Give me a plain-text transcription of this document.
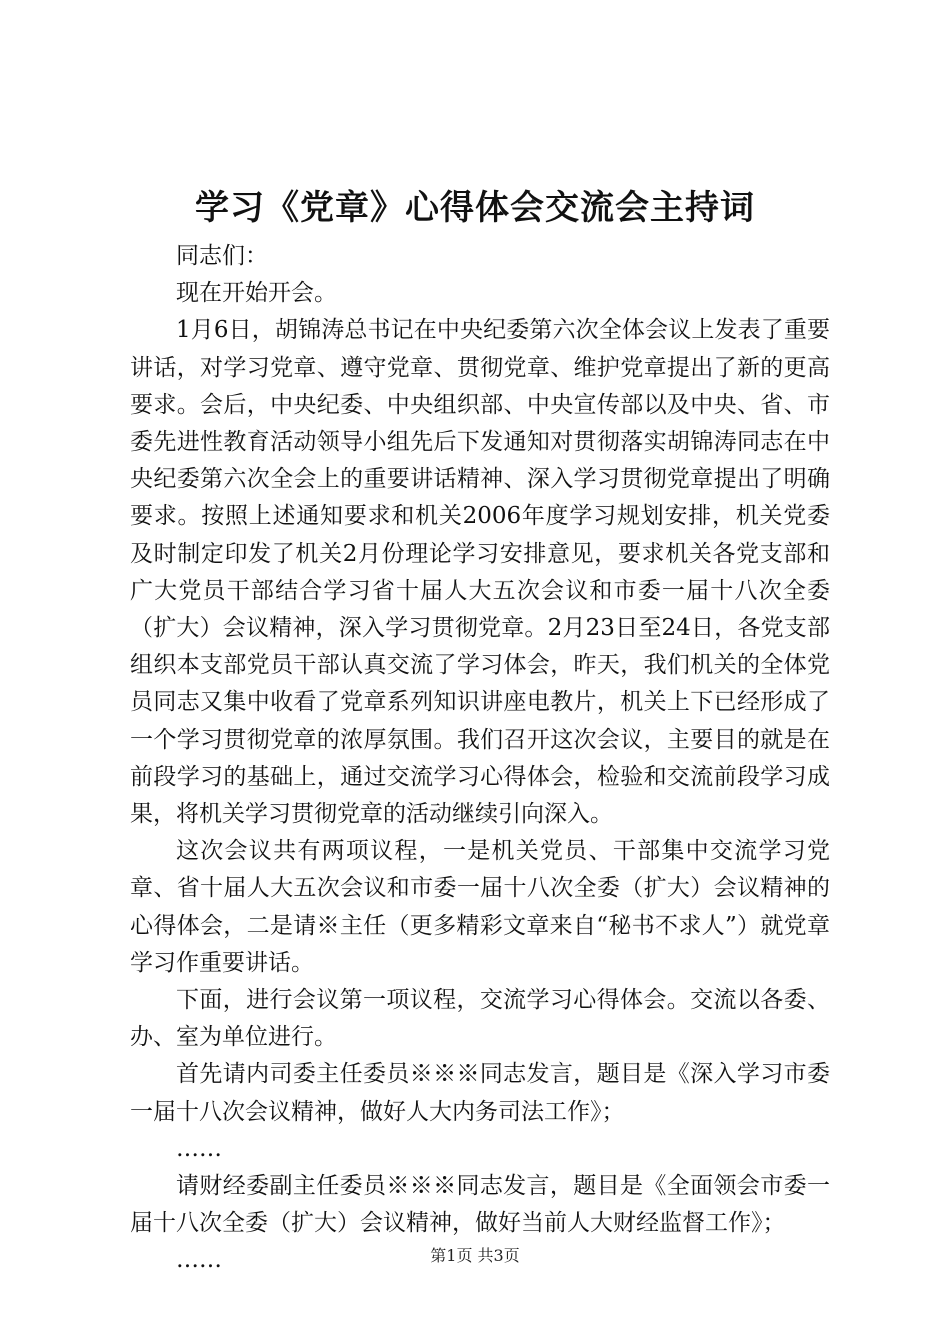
学习《党章》心得体会交流会主持词

同志们：

现在开始开会。

1月6日，胡锦涛总书记在中央纪委第六次全体会议上发表了重要讲话，对学习党章、遵守党章、贯彻党章、维护党章提出了新的更高要求。会后，中央纪委、中央组织部、中央宣传部以及中央、省、市委先进性教育活动领导小组先后下发通知对贯彻落实胡锦涛同志在中央纪委第六次全会上的重要讲话精神、深入学习贯彻党章提出了明确要求。按照上述通知要求和机关2006年度学习规划安排，机关党委及时制定印发了机关2月份理论学习安排意见，要求机关各党支部和广大党员干部结合学习省十届人大五次会议和市委一届十八次全委（扩大）会议精神，深入学习贯彻党章。2月23日至24日，各党支部组织本支部党员干部认真交流了学习体会，昨天，我们机关的全体党员同志又集中收看了党章系列知识讲座电教片，机关上下已经形成了一个学习贯彻党章的浓厚氛围。我们召开这次会议，主要目的就是在前段学习的基础上，通过交流学习心得体会，检验和交流前段学习成果，将机关学习贯彻党章的活动继续引向深入。

这次会议共有两项议程，一是机关党员、干部集中交流学习党章、省十届人大五次会议和市委一届十八次全委（扩大）会议精神的心得体会，二是请※主任（更多精彩文章来自“秘书不求人”）就党章学习作重要讲话。

下面，进行会议第一项议程，交流学习心得体会。交流以各委、办、室为单位进行。

首先请内司委主任委员※※※同志发言，题目是《深入学习市委一届十八次会议精神，做好人大内务司法工作》；

……

请财经委副主任委员※※※同志发言，题目是《全面领会市委一届十八次全委（扩大）会议精神，做好当前人大财经监督工作》；

……	第1页 共3页
